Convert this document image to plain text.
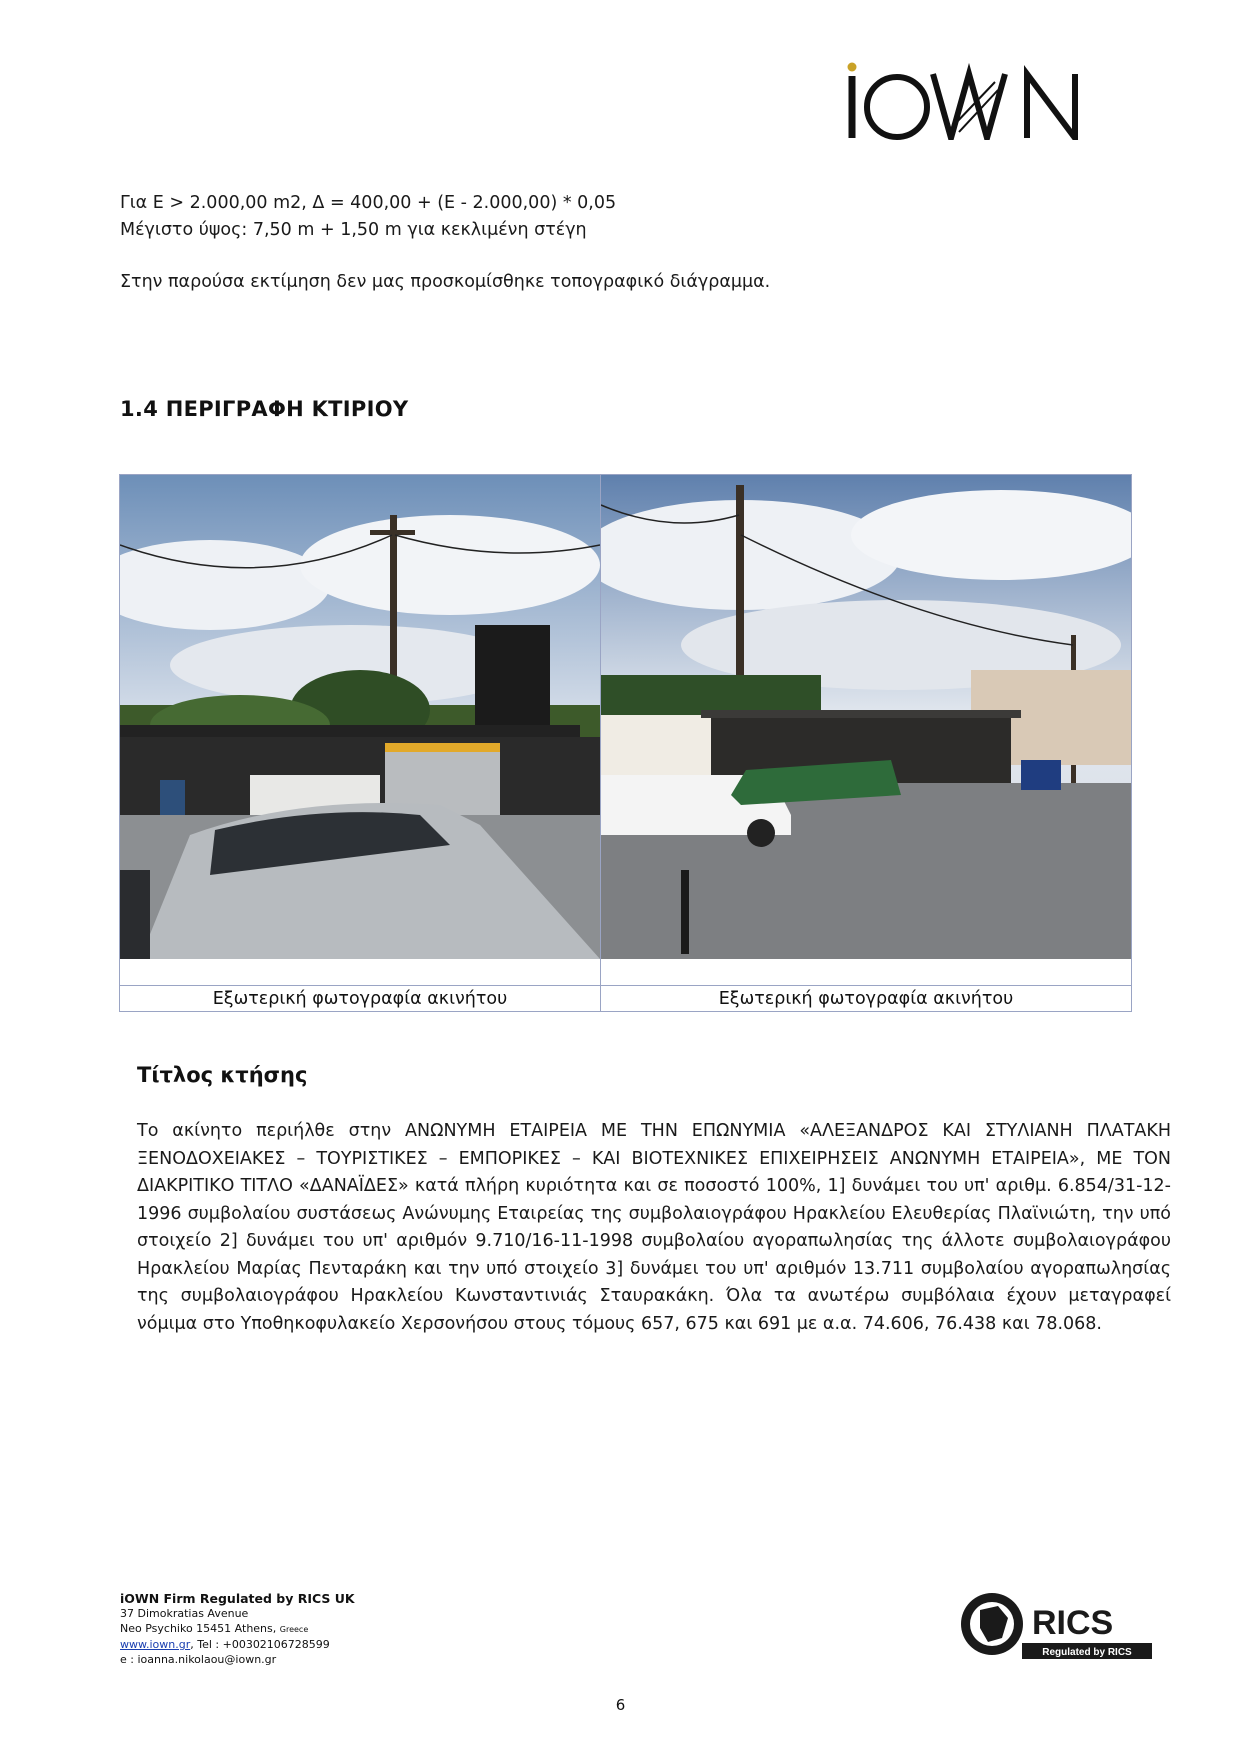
Για Ε > 2.000,00 m2, Δ = 400,00 + (Ε - 2.000,00) * 0,05

Μέγιστο ύψος: 7,50 m + 1,50 m για κεκλιμένη στέγη

Στην παρούσα εκτίμηση δεν μας προσκομίσθηκε τοπογραφικό διάγραμμα.

1.4 ΠΕΡΙΓΡΑΦΗ ΚΤΙΡΙΟΥ
Εξωτερική φωτογραφία ακινήτου	Εξωτερική φωτογραφία ακινήτου
Τίτλος κτήσης

Το ακίνητο περιήλθε στην ΑΝΩΝΥΜΗ ΕΤΑΙΡΕΙΑ ΜΕ ΤΗΝ ΕΠΩΝΥΜΙΑ «ΑΛΕΞΑΝΔΡΟΣ ΚΑΙ ΣΤΥΛΙΑΝΗ ΠΛΑΤΑΚΗ ΞΕΝΟΔΟΧΕΙΑΚΕΣ – ΤΟΥΡΙΣΤΙΚΕΣ – ΕΜΠΟΡΙΚΕΣ – ΚΑΙ ΒΙΟΤΕΧΝΙΚΕΣ ΕΠΙΧΕΙΡΗΣΕΙΣ ΑΝΩΝΥΜΗ ΕΤΑΙΡΕΙΑ», ΜΕ ΤΟΝ ΔΙΑΚΡΙΤΙΚΟ ΤΙΤΛΟ «ΔΑΝΑΪΔΕΣ» κατά πλήρη κυριότητα και σε ποσοστό 100%, 1] δυνάμει του υπ' αριθμ. 6.854/31-12-1996 συμβολαίου συστάσεως Ανώνυμης Εταιρείας της συμβολαιογράφου Ηρακλείου Ελευθερίας Πλαϊνιώτη, την υπό στοιχείο 2] δυνάμει του υπ' αριθμόν 9.710/16-11-1998 συμβολαίου αγοραπωλησίας της άλλοτε συμβολαιογράφου Ηρακλείου Μαρίας Πενταράκη και την υπό στοιχείο 3] δυνάμει του υπ' αριθμόν 13.711 συμβολαίου αγοραπωλησίας της συμβολαιογράφου Ηρακλείου Κωνσταντινιάς Σταυρακάκη. Όλα τα ανωτέρω συμβόλαια έχουν μεταγραφεί νόμιμα στο Υποθηκοφυλακείο Χερσονήσου στους τόμους 657, 675 και 691 με α.α. 74.606, 76.438 και 78.068.

iOWN Firm Regulated by RICS UK
37 Dimokratias Avenue
Neo Psychiko 15451 Athens, Greece
www.iown.gr, Tel : +00302106728599
e : ioanna.nikolaou@iown.gr
RICS
Regulated by RICS
6
